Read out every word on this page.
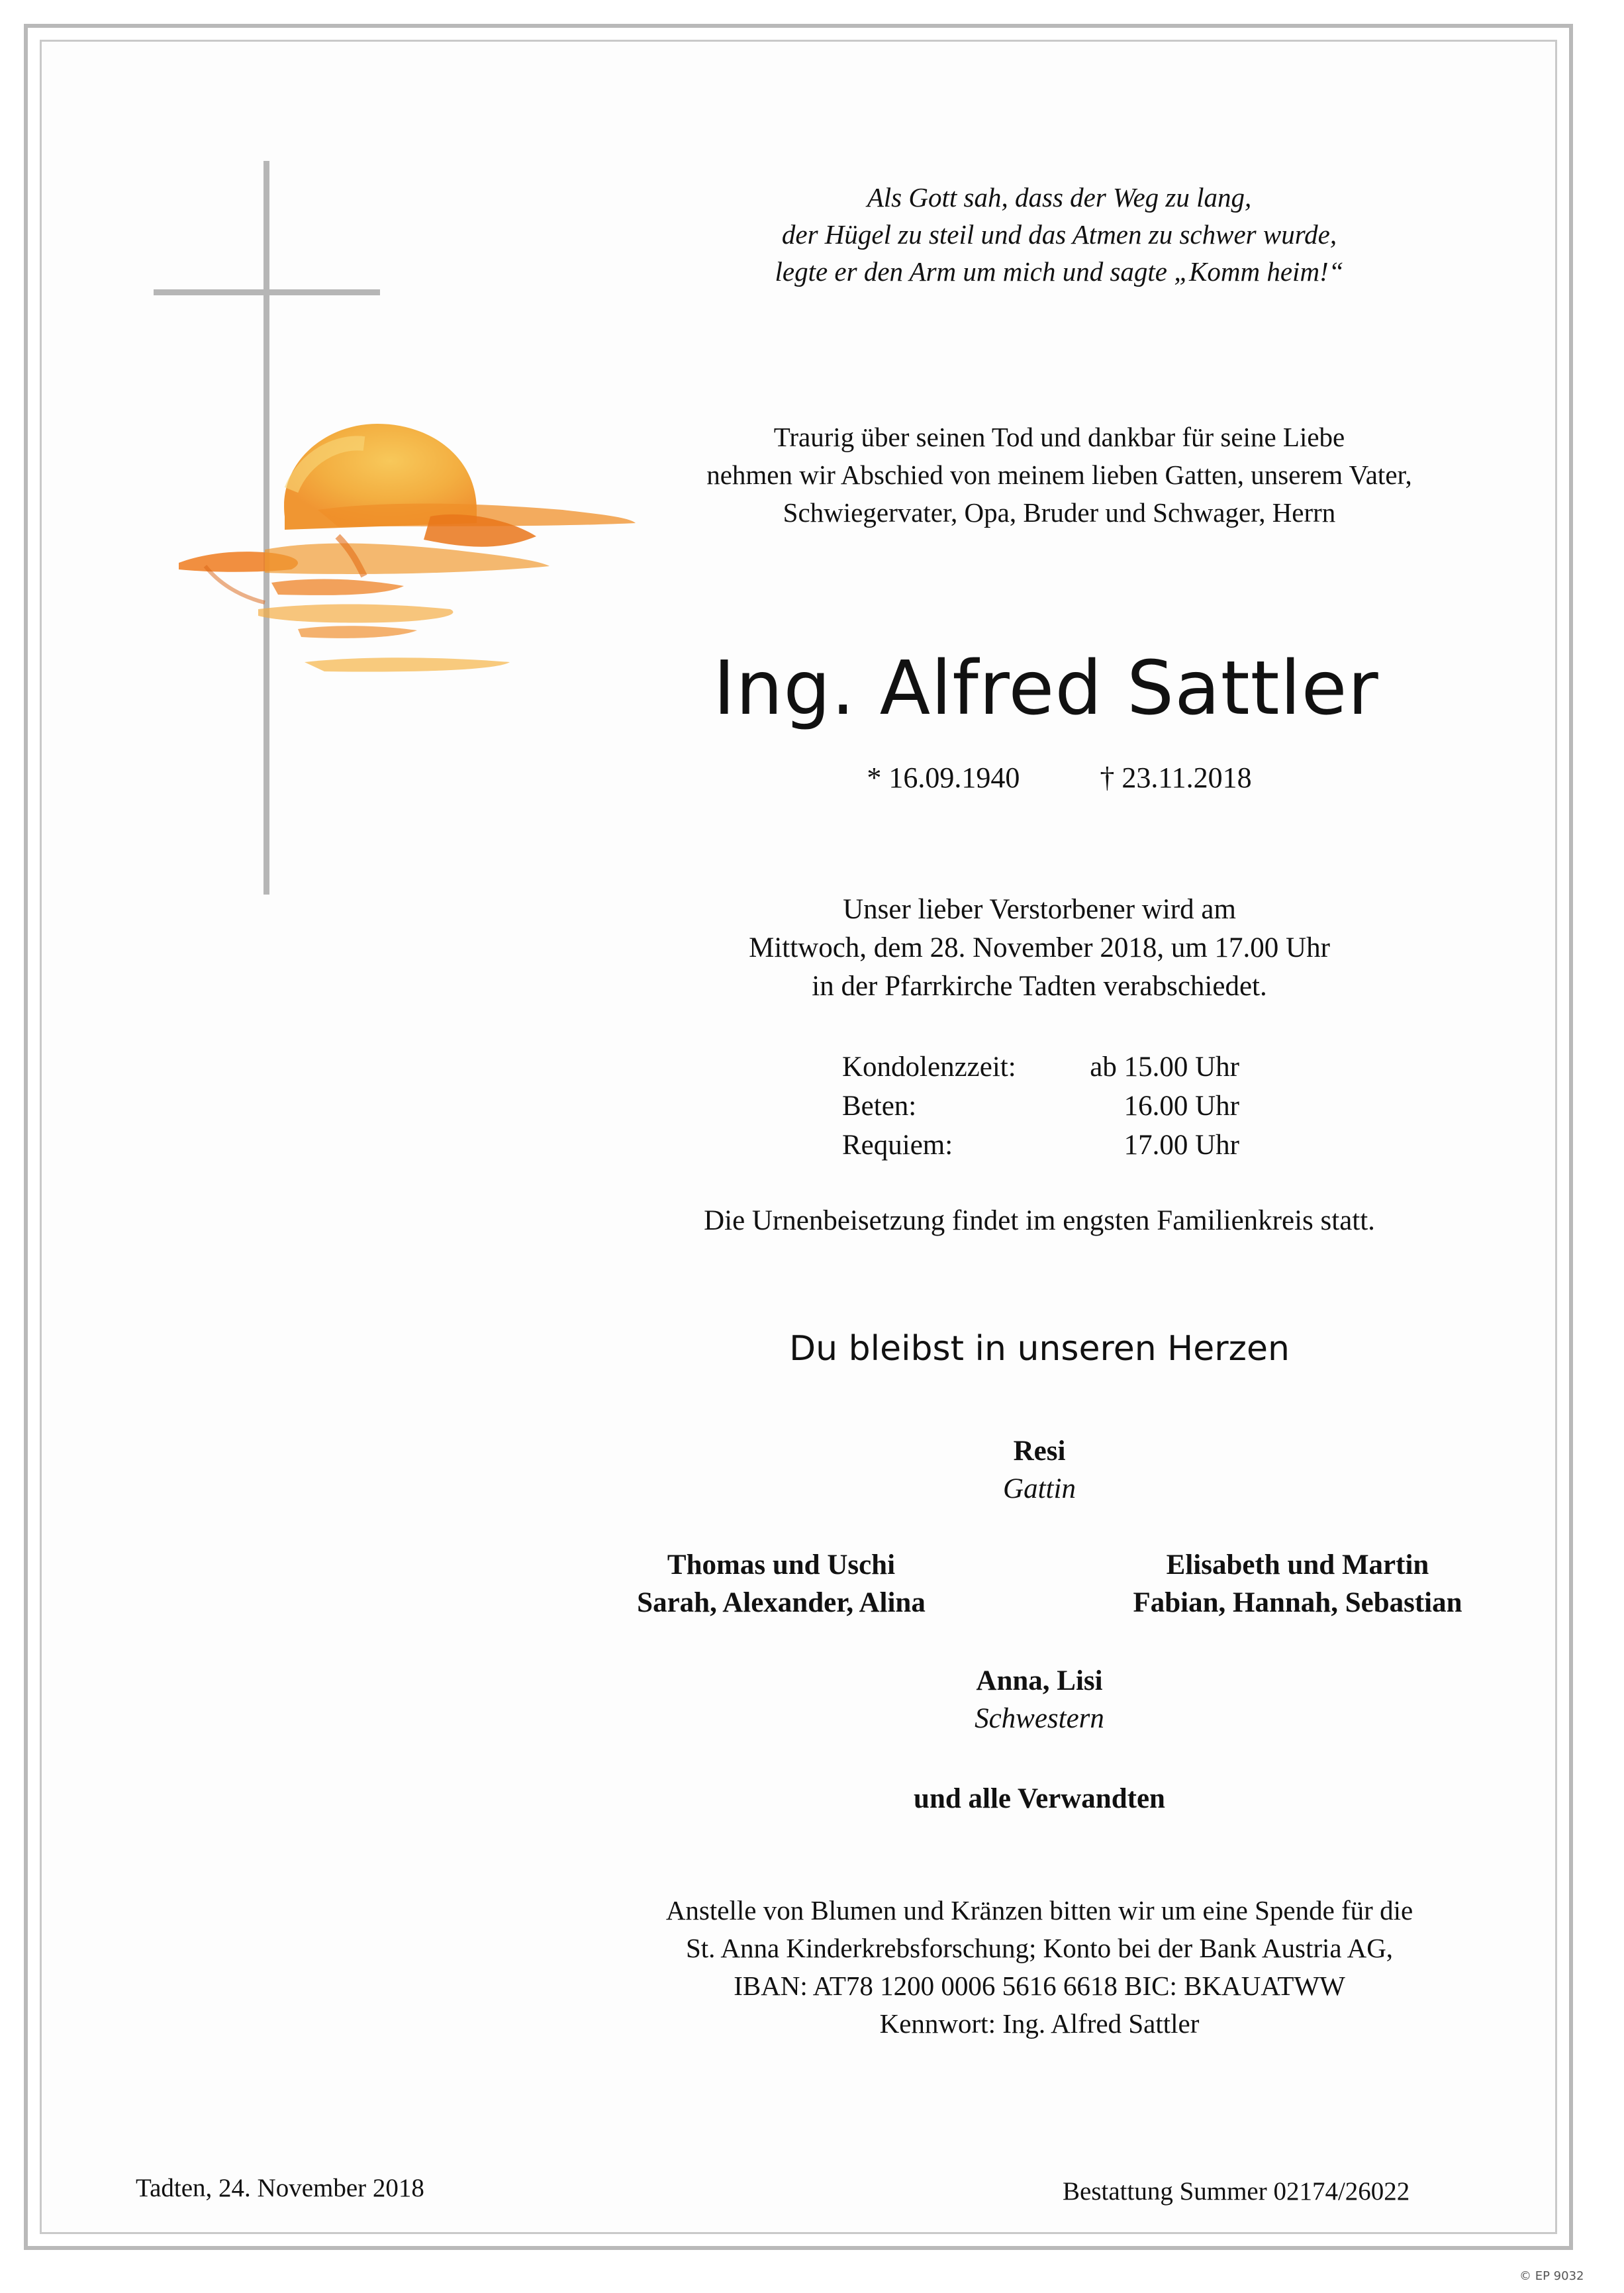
Als Gott sah, dass der Weg zu lang,
der Hügel zu steil und das Atmen zu schwer wurde,
legte er den Arm um mich und sagte „Komm heim!“
Traurig über seinen Tod und dankbar für seine Liebe
nehmen wir Abschied von meinem lieben Gatten, unserem Vater,
Schwiegervater, Opa, Bruder und Schwager, Herrn
Ing. Alfred Sattler
* 16.09.1940	† 23.11.2018
Unser lieber Verstorbener wird am
Mittwoch, dem 28. November 2018, um 17.00 Uhr
in der Pfarrkirche Tadten verabschiedet.
Kondolenzzeit:	ab 15.00 Uhr
Beten:	16.00 Uhr
Requiem:	17.00 Uhr
Die Urnenbeisetzung findet im engsten Familienkreis statt.
Du bleibst in unseren Herzen
Resi
Gattin
Thomas und Uschi
Sarah, Alexander, Alina
Elisabeth und Martin
Fabian, Hannah, Sebastian
Anna, Lisi
Schwestern
und alle Verwandten
Anstelle von Blumen und Kränzen bitten wir um eine Spende für die
St. Anna Kinderkrebsforschung; Konto bei der Bank Austria AG,
IBAN: AT78 1200 0006 5616 6618 BIC: BKAUATWW
Kennwort: Ing. Alfred Sattler
Tadten, 24. November 2018	Bestattung Summer 02174/26022
© EP 9032
